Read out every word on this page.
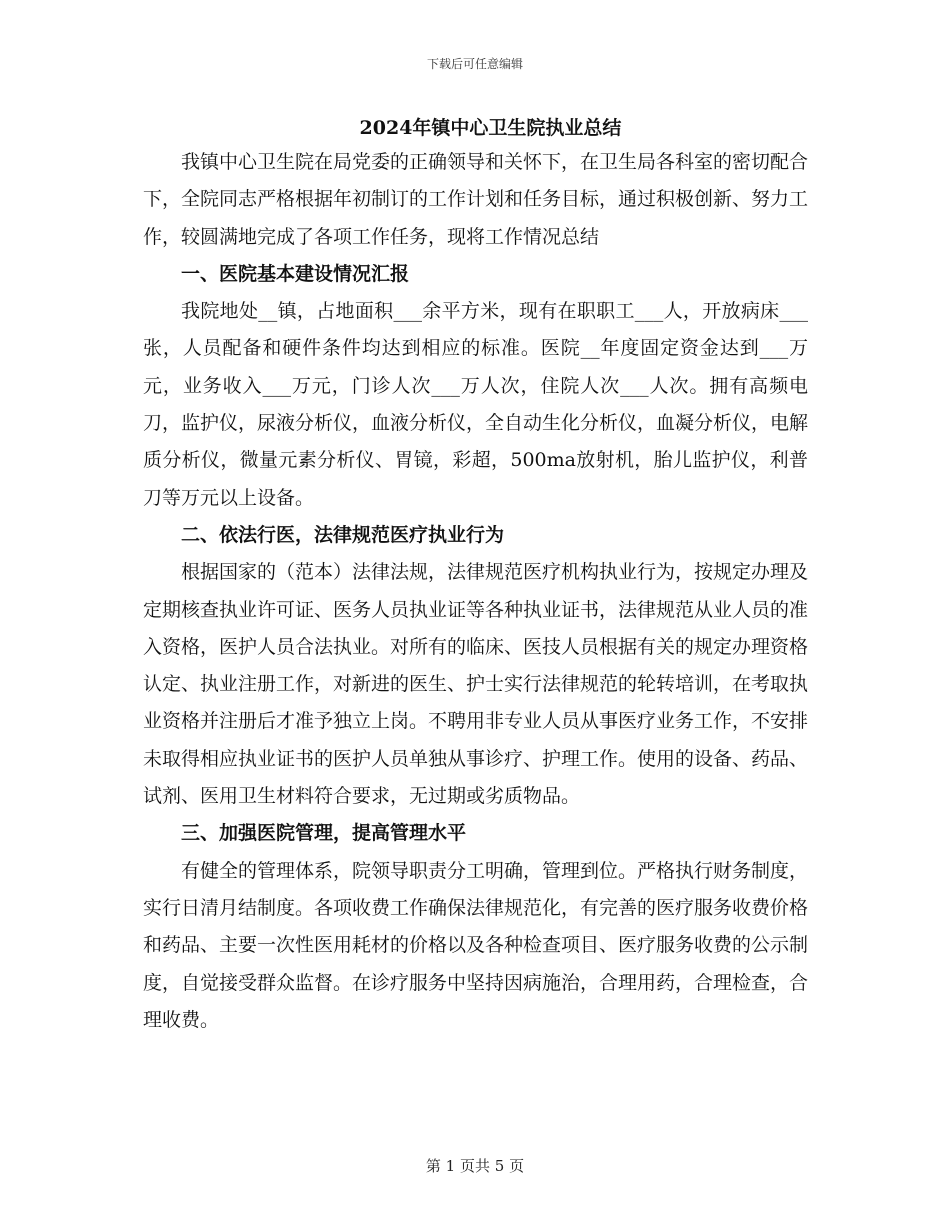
下载后可任意编辑
2024年镇中心卫生院执业总结

我镇中心卫生院在局党委的正确领导和关怀下，在卫生局各科室的密切配合下，全院同志严格根据年初制订的工作计划和任务目标，通过积极创新、努力工作，较圆满地完成了各项工作任务，现将工作情况总结

一、医院基本建设情况汇报

我院地处__镇，占地面积___余平方米，现有在职职工___人，开放病床___张，人员配备和硬件条件均达到相应的标准。医院__年度固定资金达到___万元，业务收入___万元，门诊人次___万人次，住院人次___人次。拥有高频电刀，监护仪，尿液分析仪，血液分析仪，全自动生化分析仪，血凝分析仪，电解质分析仪，微量元素分析仪、胃镜，彩超，500ma放射机，胎儿监护仪，利普刀等万元以上设备。

二、依法行医，法律规范医疗执业行为

根据国家的（范本）法律法规，法律规范医疗机构执业行为，按规定办理及定期核查执业许可证、医务人员执业证等各种执业证书，法律规范从业人员的准入资格，医护人员合法执业。对所有的临床、医技人员根据有关的规定办理资格认定、执业注册工作，对新进的医生、护士实行法律规范的轮转培训，在考取执业资格并注册后才准予独立上岗。不聘用非专业人员从事医疗业务工作，不安排未取得相应执业证书的医护人员单独从事诊疗、护理工作。使用的设备、药品、试剂、医用卫生材料符合要求，无过期或劣质物品。

三、加强医院管理，提高管理水平

有健全的管理体系，院领导职责分工明确，管理到位。严格执行财务制度，实行日清月结制度。各项收费工作确保法律规范化，有完善的医疗服务收费价格和药品、主要一次性医用耗材的价格以及各种检查项目、医疗服务收费的公示制度，自觉接受群众监督。在诊疗服务中坚持因病施治，合理用药，合理检查，合理收费。

第 1 页共 5 页
